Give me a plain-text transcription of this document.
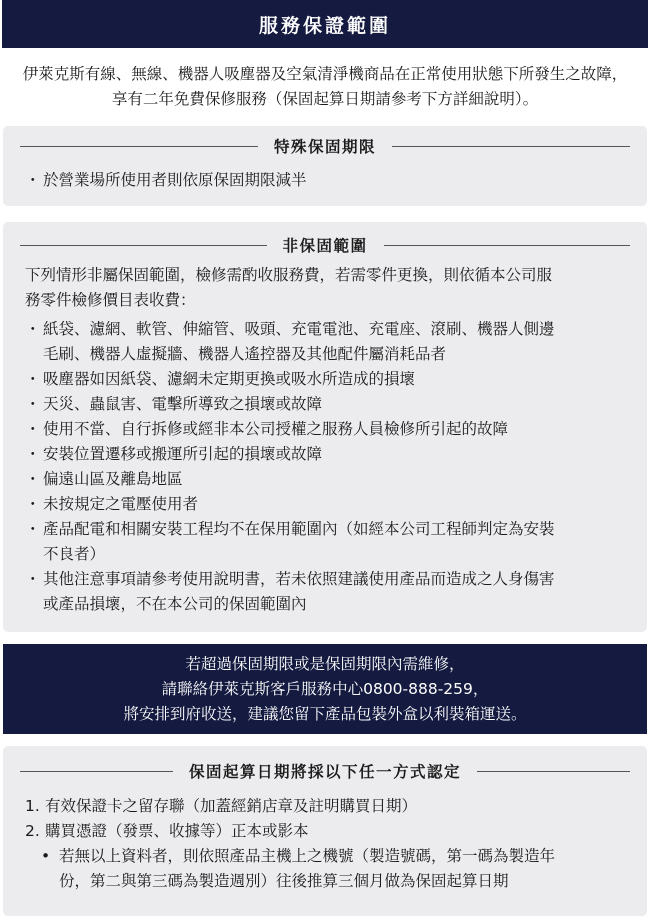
服務保證範圍
伊萊克斯有線、無線、機器人吸塵器及空氣清淨機商品在正常使用狀態下所發生之故障，
享有二年免費保修服務（保固起算日期請參考下方詳細說明）。
特殊保固期限
・ 於營業場所使用者則依原保固期限減半
非保固範圍
下列情形非屬保固範圍，檢修需酌收服務費，若需零件更換，則依循本公司服
務零件檢修價目表收費：
・ 紙袋、濾網、軟管、伸縮管、吸頭、充電電池、充電座、滾刷、機器人側邊
毛刷、機器人虛擬牆、機器人遙控器及其他配件屬消耗品者
・ 吸塵器如因紙袋、濾網未定期更換或吸水所造成的損壞
・ 天災、蟲鼠害、電擊所導致之損壞或故障
・ 使用不當、自行拆修或經非本公司授權之服務人員檢修所引起的故障
・ 安裝位置遷移或搬運所引起的損壞或故障
・ 偏遠山區及離島地區
・ 未按規定之電壓使用者
・ 產品配電和相關安裝工程均不在保用範圍內（如經本公司工程師判定為安裝
不良者）
・ 其他注意事項請參考使用說明書，若未依照建議使用產品而造成之人身傷害
或產品損壞，不在本公司的保固範圍內
若超過保固期限或是保固期限內需維修，
請聯絡伊萊克斯客戶服務中心0800-888-259，
將安排到府收送，建議您留下產品包裝外盒以利裝箱運送。
保固起算日期將採以下任一方式認定
1. 有效保證卡之留存聯（加蓋經銷店章及註明購買日期）
2. 購買憑證（發票、收據等）正本或影本
• 若無以上資料者，則依照產品主機上之機號（製造號碼，第一碼為製造年
份，第二與第三碼為製造週別）往後推算三個月做為保固起算日期
